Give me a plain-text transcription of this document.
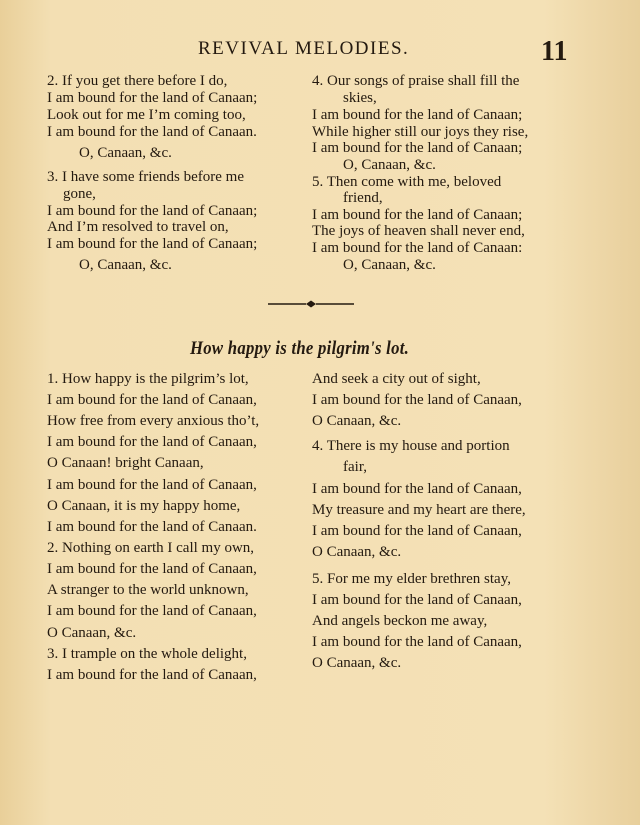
REVIVAL MELODIES.	11
2. If you get there before I do,
I am bound for the land of Canaan;
Look out for me I’m coming too,
I am bound for the land of Canaan.
O, Canaan, &c.
3. I have some friends before me
gone,
I am bound for the land of Canaan;
And I’m resolved to travel on,
I am bound for the land of Canaan;
O, Canaan, &c.
4. Our songs of praise shall fill the
skies,
I am bound for the land of Canaan;
While higher still our joys they rise,
I am bound for the land of Canaan;
O, Canaan, &c.
5. Then come with me, beloved
friend,
I am bound for the land of Canaan;
The joys of heaven shall never end,
I am bound for the land of Canaan:
O, Canaan, &c.
How happy is the pilgrim's lot.
1. How happy is the pilgrim’s lot,
I am bound for the land of Canaan,
How free from every anxious tho’t,
I am bound for the land of Canaan,
O Canaan! bright Canaan,
I am bound for the land of Canaan,
O Canaan, it is my happy home,
I am bound for the land of Canaan.
2. Nothing on earth I call my own,
I am bound for the land of Canaan,
A stranger to the world unknown,
I am bound for the land of Canaan,
O Canaan, &c.
3. I trample on the whole delight,
I am bound for the land of Canaan,
And seek a city out of sight,
I am bound for the land of Canaan,
O Canaan, &c.
4. There is my house and portion
fair,
I am bound for the land of Canaan,
My treasure and my heart are there,
I am bound for the land of Canaan,
O Canaan, &c.
5. For me my elder brethren stay,
I am bound for the land of Canaan,
And angels beckon me away,
I am bound for the land of Canaan,
O Canaan, &c.
